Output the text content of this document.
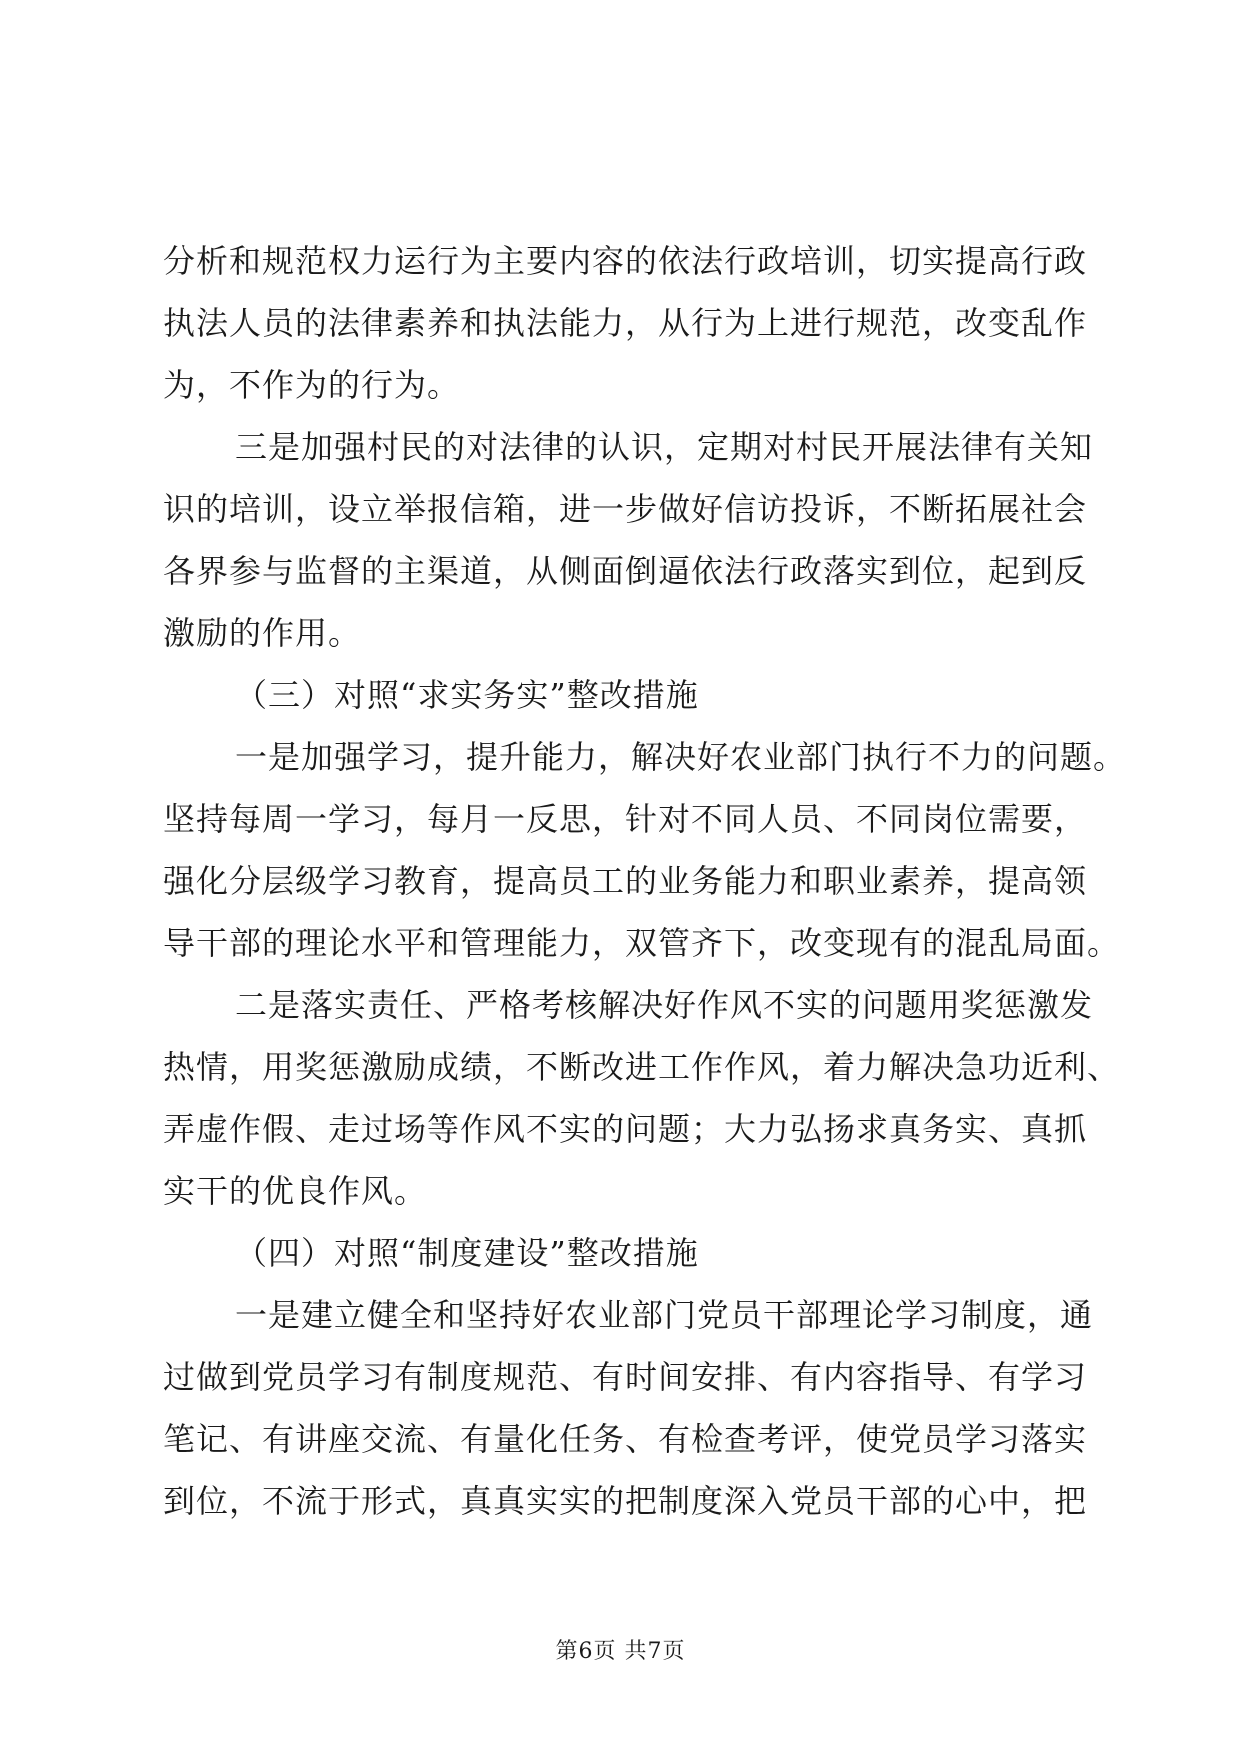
分析和规范权力运行为主要内容的依法行政培训，切实提高行政
执法人员的法律素养和执法能力，从行为上进行规范，改变乱作
为，不作为的行为。
三是加强村民的对法律的认识，定期对村民开展法律有关知
识的培训，设立举报信箱，进一步做好信访投诉，不断拓展社会
各界参与监督的主渠道，从侧面倒逼依法行政落实到位，起到反
激励的作用。
（三）对照“求实务实”整改措施
一是加强学习，提升能力，解决好农业部门执行不力的问题。
坚持每周一学习，每月一反思，针对不同人员、不同岗位需要，
强化分层级学习教育，提高员工的业务能力和职业素养，提高领
导干部的理论水平和管理能力，双管齐下，改变现有的混乱局面。
二是落实责任、严格考核解决好作风不实的问题用奖惩激发
热情，用奖惩激励成绩，不断改进工作作风，着力解决急功近利、
弄虚作假、走过场等作风不实的问题；大力弘扬求真务实、真抓
实干的优良作风。
（四）对照“制度建设”整改措施
一是建立健全和坚持好农业部门党员干部理论学习制度，通
过做到党员学习有制度规范、有时间安排、有内容指导、有学习
笔记、有讲座交流、有量化任务、有检查考评，使党员学习落实
到位，不流于形式，真真实实的把制度深入党员干部的心中，把
第6页 共7页
